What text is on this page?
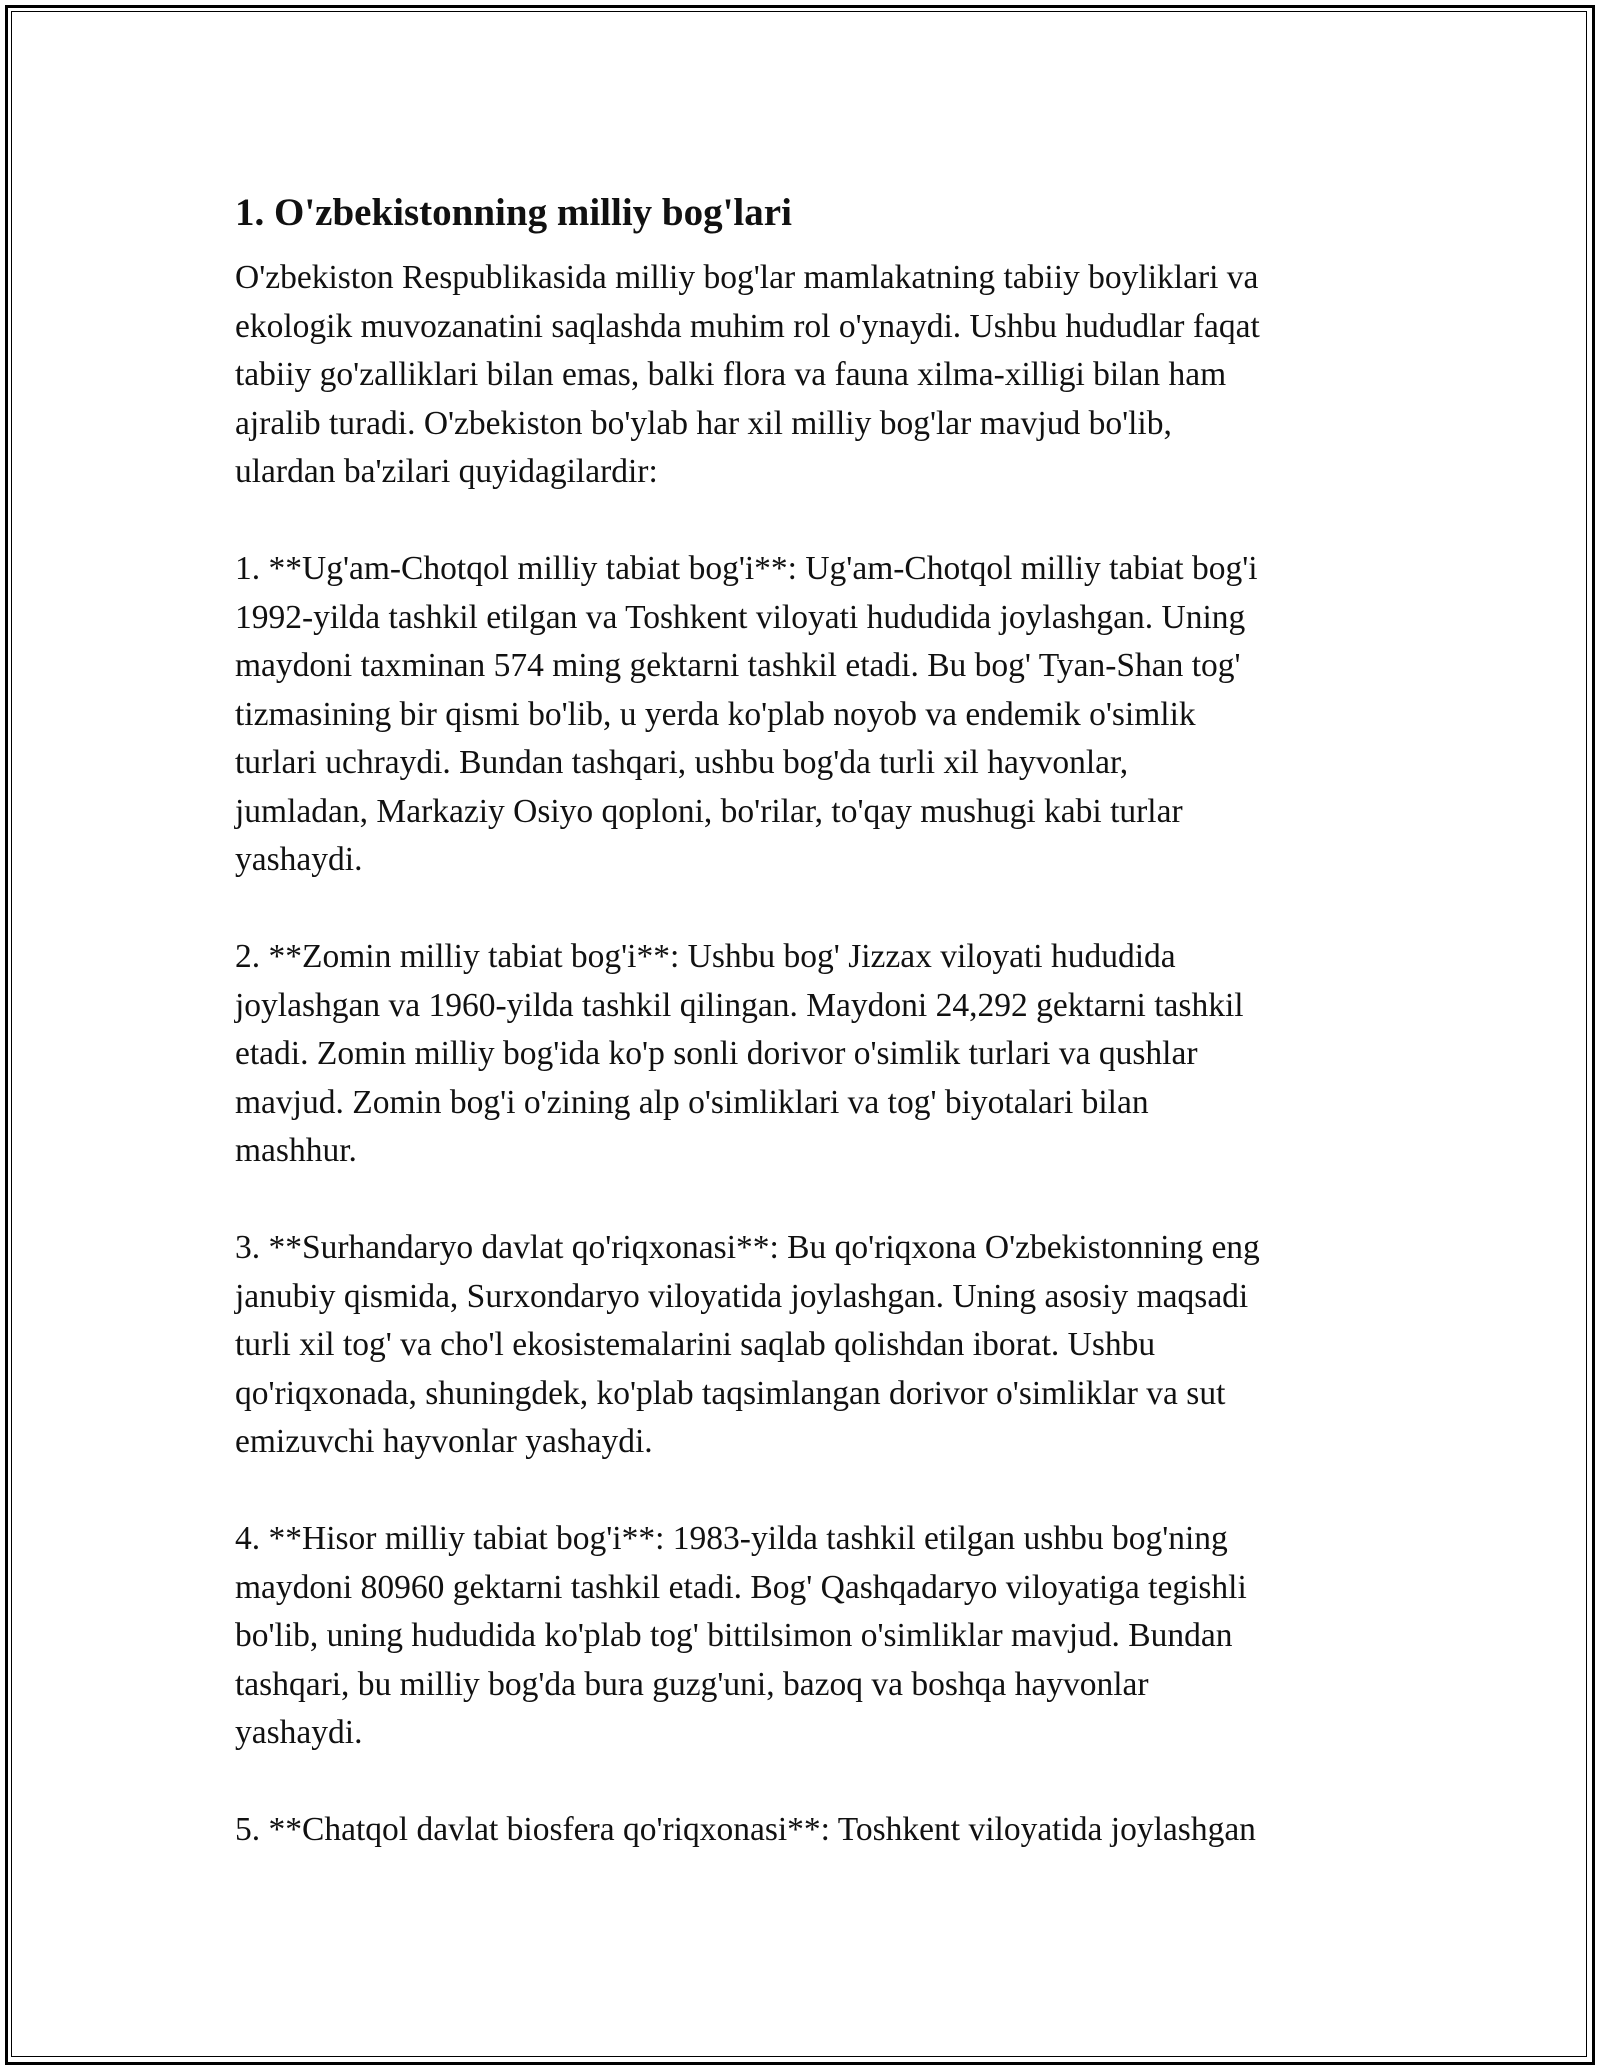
1. O'zbekistonning milliy bog'lari

O'zbekiston Respublikasida milliy bog'lar mamlakatning tabiiy boyliklari va
ekologik muvozanatini saqlashda muhim rol o'ynaydi. Ushbu hududlar faqat
tabiiy go'zalliklari bilan emas, balki flora va fauna xilma-xilligi bilan ham
ajralib turadi. O'zbekiston bo'ylab har xil milliy bog'lar mavjud bo'lib,
ulardan ba'zilari quyidagilardir:

1. **Ug'am-Chotqol milliy tabiat bog'i**: Ug'am-Chotqol milliy tabiat bog'i
1992-yilda tashkil etilgan va Toshkent viloyati hududida joylashgan. Uning
maydoni taxminan 574 ming gektarni tashkil etadi. Bu bog' Tyan-Shan tog'
tizmasining bir qismi bo'lib, u yerda ko'plab noyob va endemik o'simlik
turlari uchraydi. Bundan tashqari, ushbu bog'da turli xil hayvonlar,
jumladan, Markaziy Osiyo qoploni, bo'rilar, to'qay mushugi kabi turlar
yashaydi.

2. **Zomin milliy tabiat bog'i**: Ushbu bog' Jizzax viloyati hududida
joylashgan va 1960-yilda tashkil qilingan. Maydoni 24,292 gektarni tashkil
etadi. Zomin milliy bog'ida ko'p sonli dorivor o'simlik turlari va qushlar
mavjud. Zomin bog'i o'zining alp o'simliklari va tog' biyotalari bilan
mashhur.

3. **Surhandaryo davlat qo'riqxonasi**: Bu qo'riqxona O'zbekistonning eng
janubiy qismida, Surxondaryo viloyatida joylashgan. Uning asosiy maqsadi
turli xil tog' va cho'l ekosistemalarini saqlab qolishdan iborat. Ushbu
qo'riqxonada, shuningdek, ko'plab taqsimlangan dorivor o'simliklar va sut
emizuvchi hayvonlar yashaydi.

4. **Hisor milliy tabiat bog'i**: 1983-yilda tashkil etilgan ushbu bog'ning
maydoni 80960 gektarni tashkil etadi. Bog' Qashqadaryo viloyatiga tegishli
bo'lib, uning hududida ko'plab tog' bittilsimon o'simliklar mavjud. Bundan
tashqari, bu milliy bog'da bura guzg'uni, bazoq va boshqa hayvonlar
yashaydi.

5. **Chatqol davlat biosfera qo'riqxonasi**: Toshkent viloyatida joylashgan
